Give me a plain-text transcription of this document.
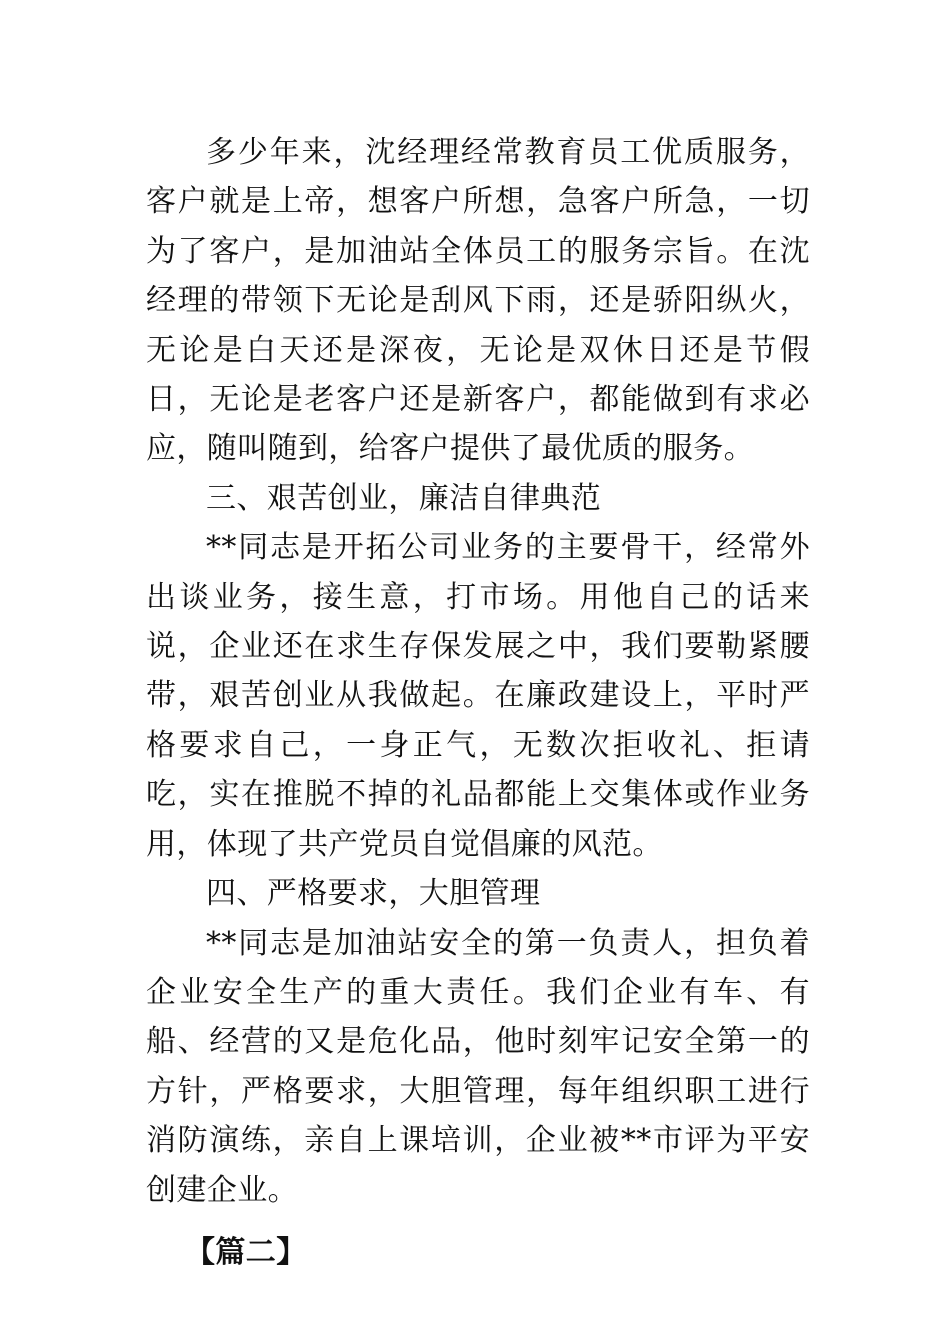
多少年来，沈经理经常教育员工优质服务，客户就是上帝，想客户所想，急客户所急，一切为了客户，是加油站全体员工的服务宗旨。在沈经理的带领下无论是刮风下雨，还是骄阳纵火，无论是白天还是深夜，无论是双休日还是节假日，无论是老客户还是新客户，都能做到有求必应，随叫随到，给客户提供了最优质的服务。

三、艰苦创业，廉洁自律典范

**同志是开拓公司业务的主要骨干，经常外出谈业务，接生意，打市场。用他自己的话来说，企业还在求生存保发展之中，我们要勒紧腰带，艰苦创业从我做起。在廉政建设上，平时严格要求自己，一身正气，无数次拒收礼、拒请吃，实在推脱不掉的礼品都能上交集体或作业务用，体现了共产党员自觉倡廉的风范。

四、严格要求，大胆管理

**同志是加油站安全的第一负责人，担负着企业安全生产的重大责任。我们企业有车、有船、经营的又是危化品，他时刻牢记安全第一的方针，严格要求，大胆管理，每年组织职工进行消防演练，亲自上课培训，企业被**市评为平安创建企业。

【篇二】
